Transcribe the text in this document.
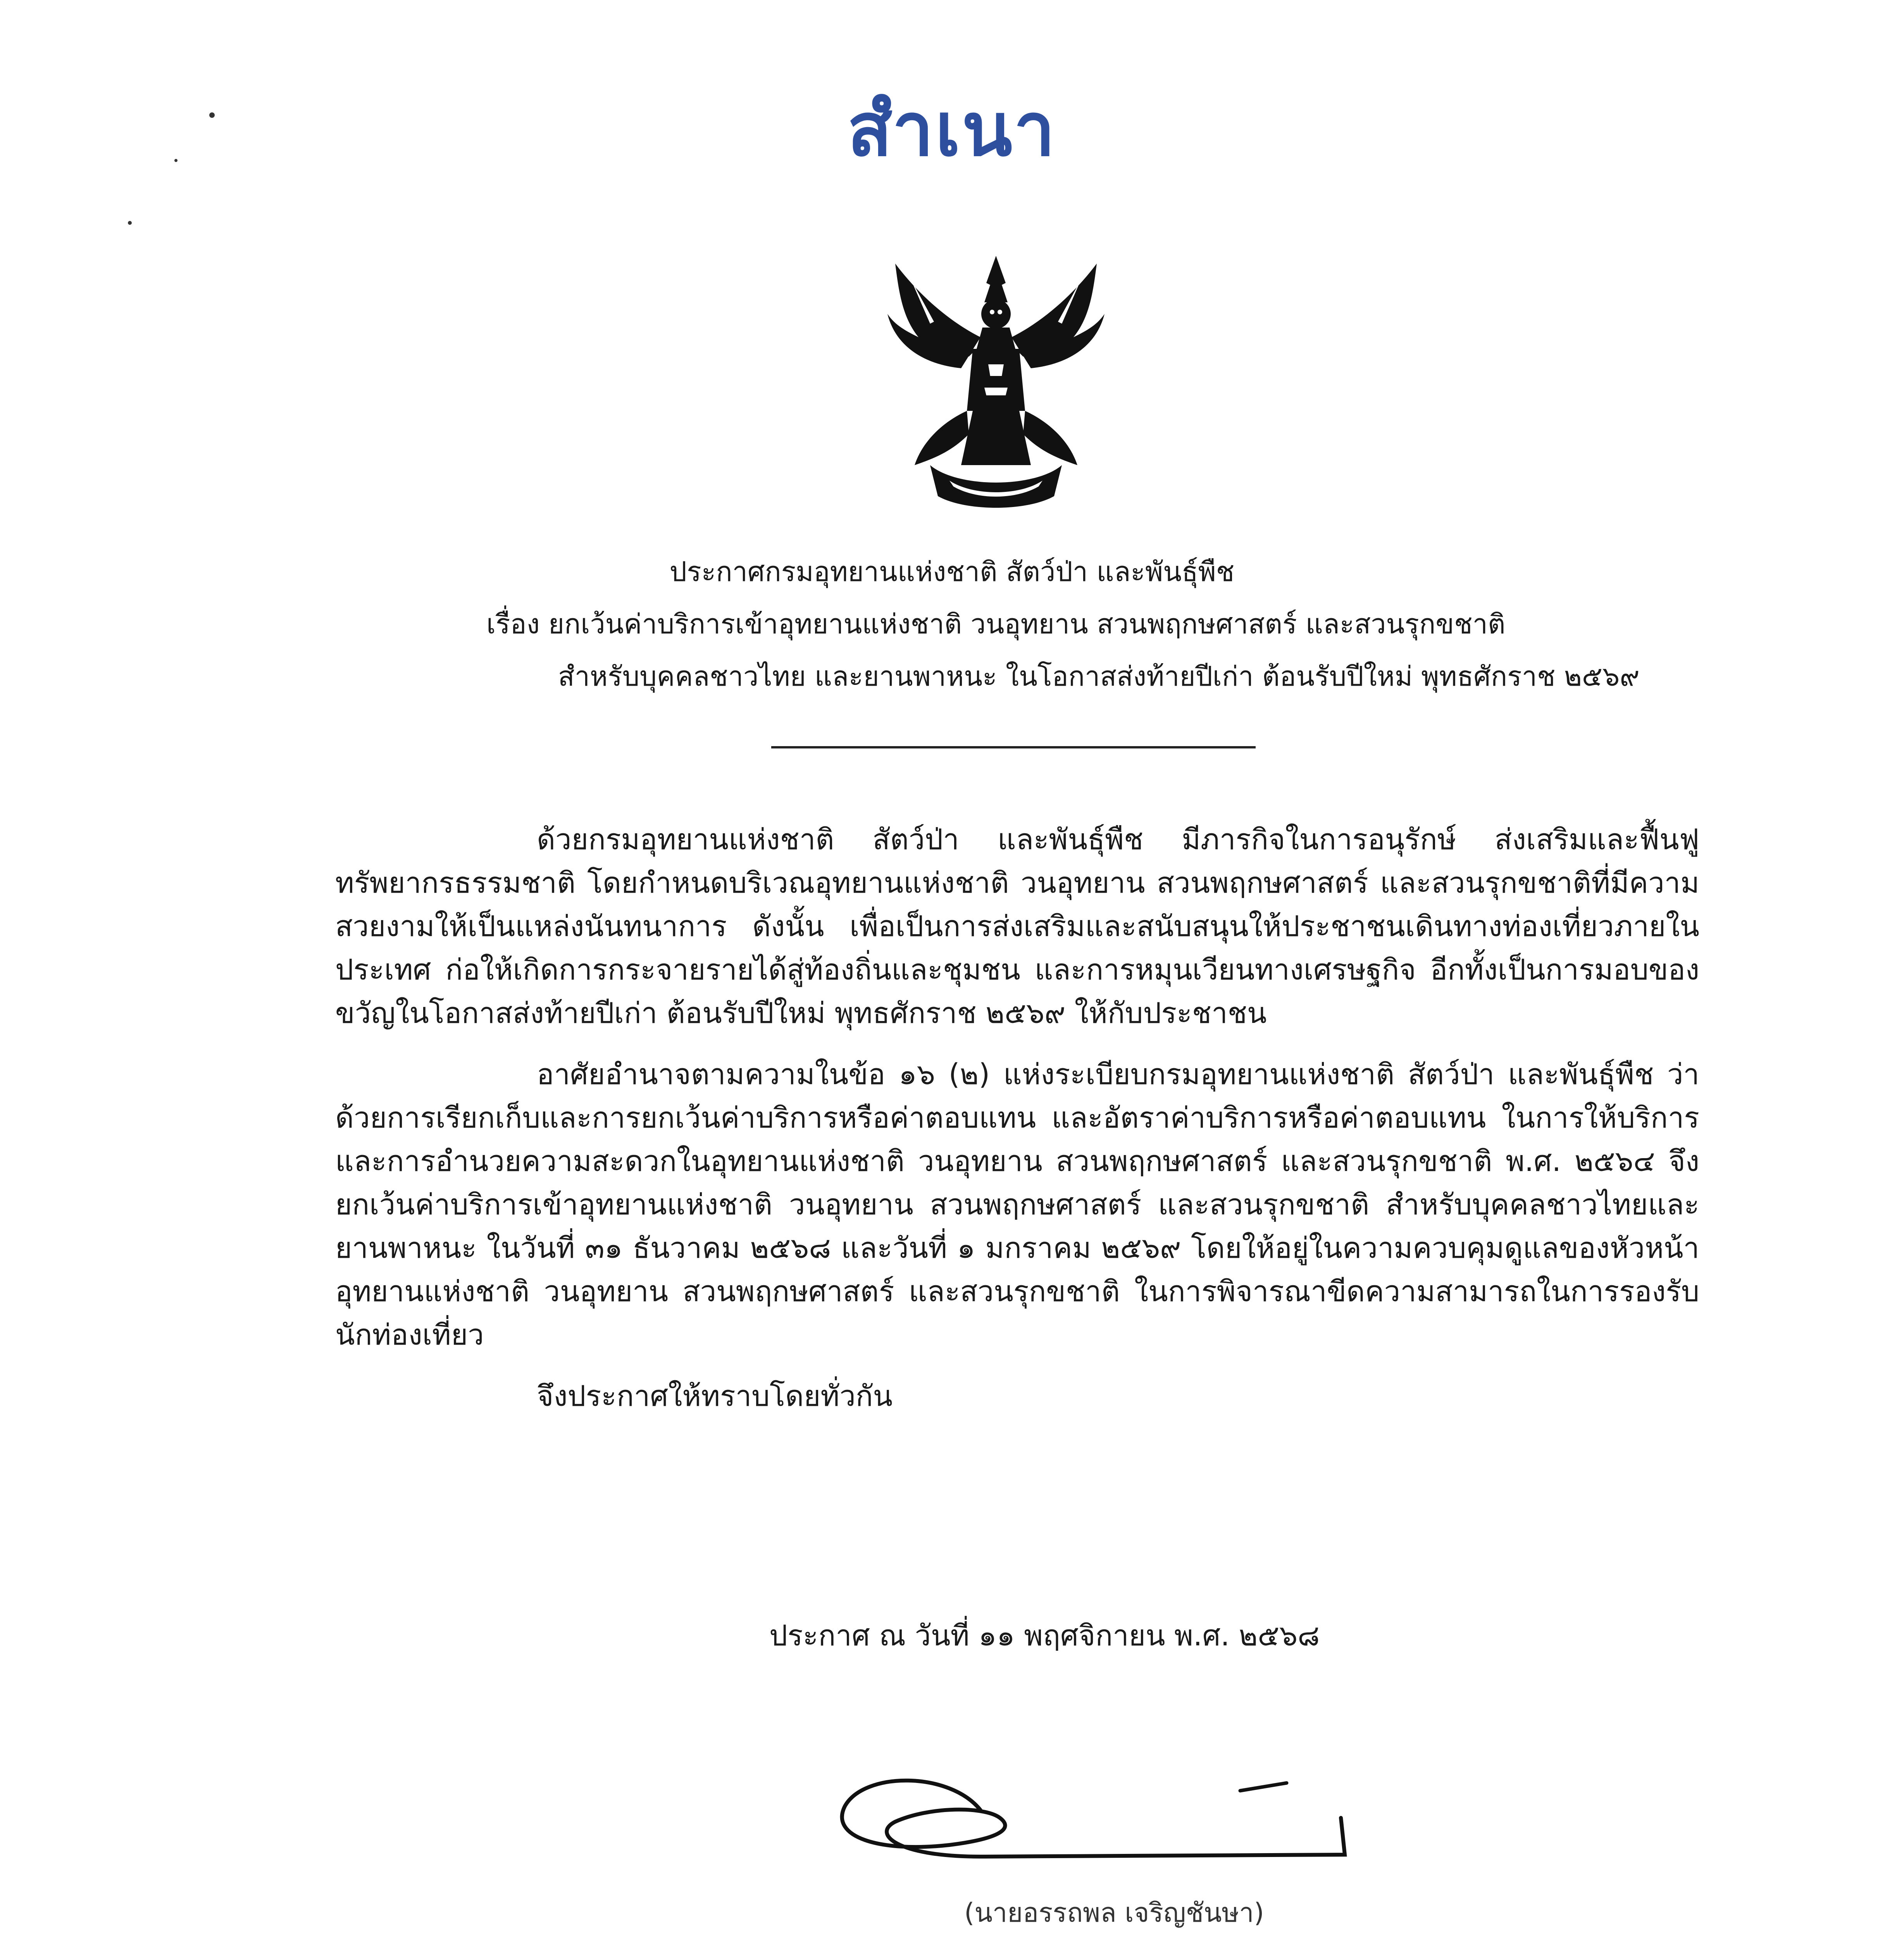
สำเนา
ประกาศกรมอุทยานแห่งชาติ สัตว์ป่า และพันธุ์พืช
เรื่อง ยกเว้นค่าบริการเข้าอุทยานแห่งชาติ วนอุทยาน สวนพฤกษศาสตร์ และสวนรุกขชาติ
สำหรับบุคคลชาวไทย และยานพาหนะ ในโอกาสส่งท้ายปีเก่า ต้อนรับปีใหม่ พุทธศักราช ๒๕๖๙

ด้วยกรมอุทยานแห่งชาติ สัตว์ป่า และพันธุ์พืช มีภารกิจในการอนุรักษ์ ส่งเสริมและฟื้นฟูทรัพยากรธรรมชาติ โดยกำหนดบริเวณอุทยานแห่งชาติ วนอุทยาน สวนพฤกษศาสตร์ และสวนรุกขชาติที่มีความสวยงามให้เป็นแหล่งนันทนาการ ดังนั้น เพื่อเป็นการส่งเสริมและสนับสนุนให้ประชาชนเดินทางท่องเที่ยวภายในประเทศ ก่อให้เกิดการกระจายรายได้สู่ท้องถิ่นและชุมชน และการหมุนเวียนทางเศรษฐกิจ อีกทั้งเป็นการมอบของขวัญในโอกาสส่งท้ายปีเก่า ต้อนรับปีใหม่ พุทธศักราช ๒๕๖๙ ให้กับประชาชน

อาศัยอำนาจตามความในข้อ ๑๖ (๒) แห่งระเบียบกรมอุทยานแห่งชาติ สัตว์ป่า และพันธุ์พืช ว่าด้วยการเรียกเก็บและการยกเว้นค่าบริการหรือค่าตอบแทน และอัตราค่าบริการหรือค่าตอบแทน ในการให้บริการและการอำนวยความสะดวกในอุทยานแห่งชาติ วนอุทยาน สวนพฤกษศาสตร์ และสวนรุกขชาติ พ.ศ. ๒๕๖๔ จึงยกเว้นค่าบริการเข้าอุทยานแห่งชาติ วนอุทยาน สวนพฤกษศาสตร์ และสวนรุกขชาติ สำหรับบุคคลชาวไทยและยานพาหนะ ในวันที่ ๓๑ ธันวาคม ๒๕๖๘ และวันที่ ๑ มกราคม ๒๕๖๙ โดยให้อยู่ในความควบคุมดูแลของหัวหน้าอุทยานแห่งชาติ วนอุทยาน สวนพฤกษศาสตร์ และสวนรุกขชาติ ในการพิจารณาขีดความสามารถในการรองรับนักท่องเที่ยว

จึงประกาศให้ทราบโดยทั่วกัน

ประกาศ ณ วันที่ ๑๑ พฤศจิกายน พ.ศ. ๒๕๖๘
(นายอรรถพล เจริญชันษา)
